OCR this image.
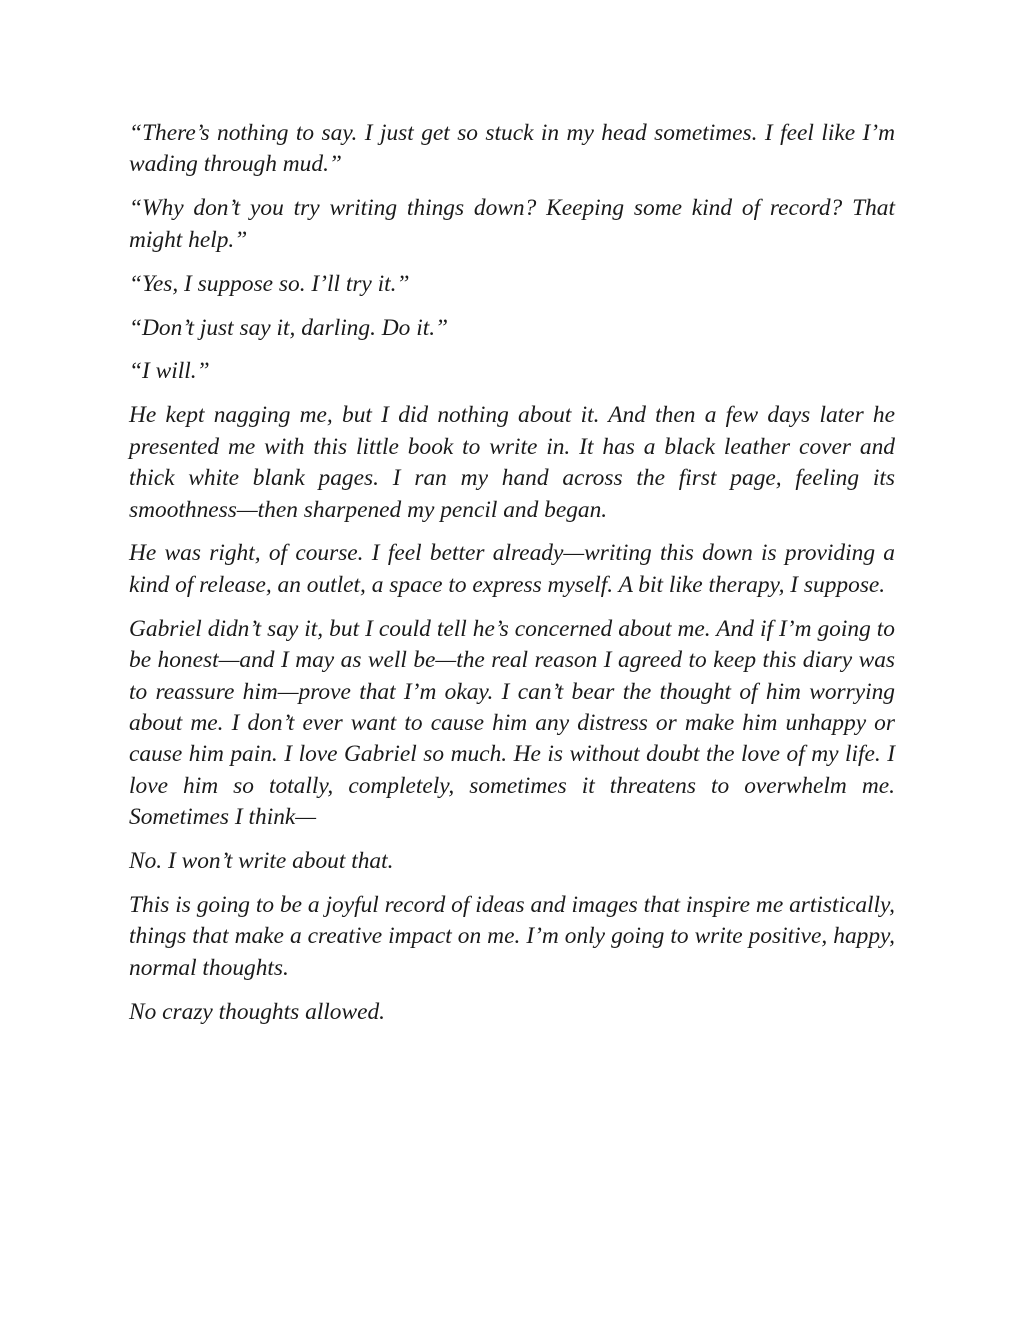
“There’s nothing to say. I just get so stuck in my head sometimes. I feel like I’m wading through mud.”

“Why don’t you try writing things down? Keeping some kind of record? That might help.”

“Yes, I suppose so. I’ll try it.”

“Don’t just say it, darling. Do it.”

“I will.”

He kept nagging me, but I did nothing about it. And then a few days later he presented me with this little book to write in. It has a black leather cover and thick white blank pages. I ran my hand across the first page, feeling its smoothness—then sharpened my pencil and began.

He was right, of course. I feel better already—writing this down is providing a kind of release, an outlet, a space to express myself. A bit like therapy, I suppose.

Gabriel didn’t say it, but I could tell he’s concerned about me. And if I’m going to be honest—and I may as well be—the real reason I agreed to keep this diary was to reassure him—prove that I’m okay. I can’t bear the thought of him worrying about me. I don’t ever want to cause him any distress or make him unhappy or cause him pain. I love Gabriel so much. He is without doubt the love of my life. I love him so totally, completely, sometimes it threatens to overwhelm me. Sometimes I think—

No. I won’t write about that.

This is going to be a joyful record of ideas and images that inspire me artistically, things that make a creative impact on me. I’m only going to write positive, happy, normal thoughts.

No crazy thoughts allowed.
